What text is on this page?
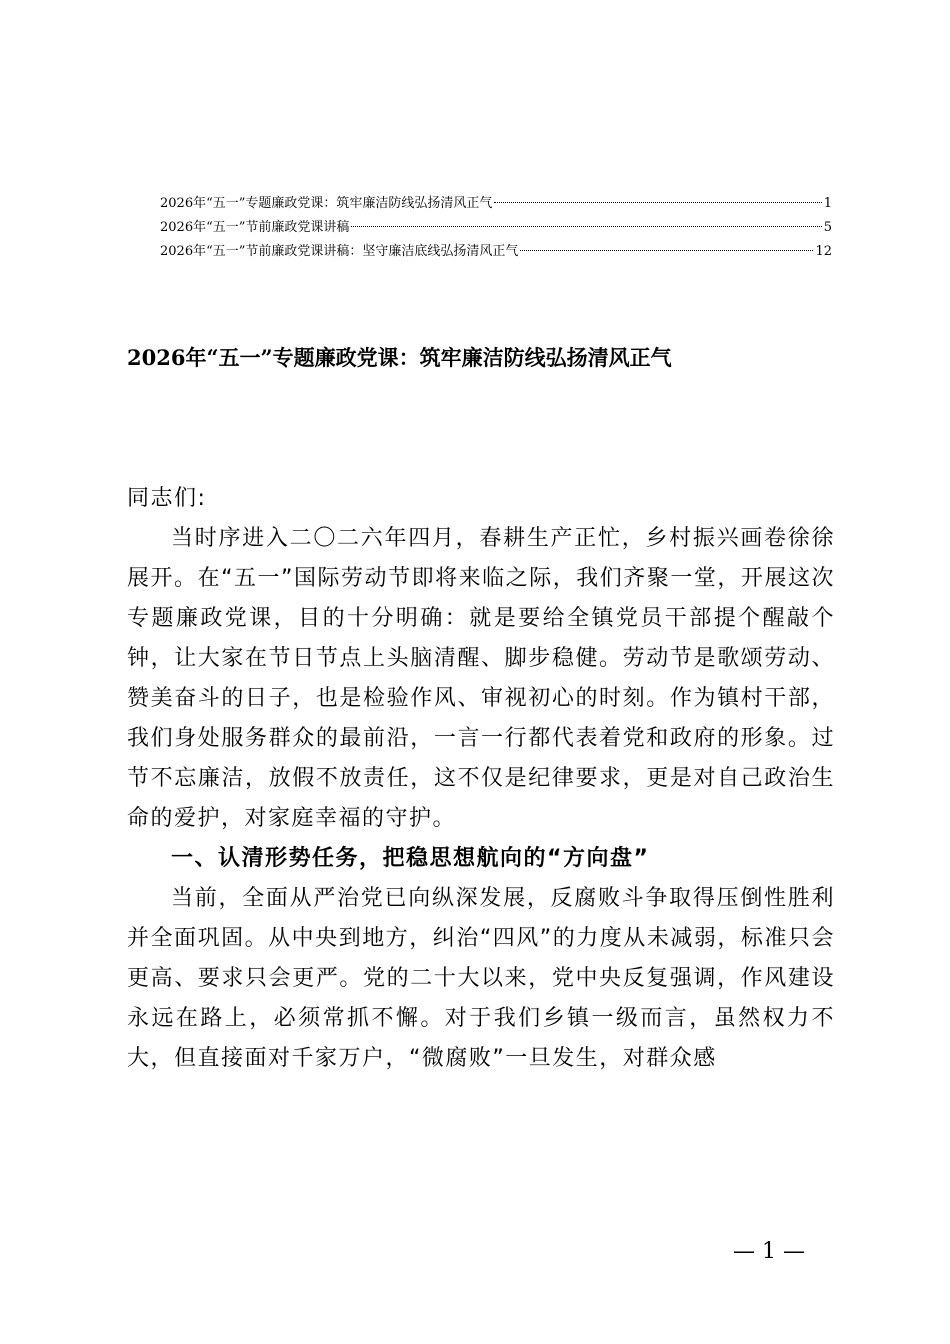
2026年“五一”专题廉政党课：筑牢廉洁防线弘扬清风正气	1
2026年“五一”节前廉政党课讲稿	5
2026年“五一”节前廉政党课讲稿：坚守廉洁底线弘扬清风正气	12
2026年“五一”专题廉政党课：筑牢廉洁防线弘扬清风正气

同志们:

当时序进入二〇二六年四月，春耕生产正忙，乡村振兴画卷徐徐展开。在“五一”国际劳动节即将来临之际，我们齐聚一堂，开展这次专题廉政党课，目的十分明确：就是要给全镇党员干部提个醒敲个钟，让大家在节日节点上头脑清醒、脚步稳健。劳动节是歌颂劳动、赞美奋斗的日子，也是检验作风、审视初心的时刻。作为镇村干部，我们身处服务群众的最前沿，一言一行都代表着党和政府的形象。过节不忘廉洁，放假不放责任，这不仅是纪律要求，更是对自己政治生命的爱护，对家庭幸福的守护。

一、认清形势任务，把稳思想航向的“方向盘”

当前，全面从严治党已向纵深发展，反腐败斗争取得压倒性胜利并全面巩固。从中央到地方，纠治“四风”的力度从未减弱，标准只会更高、要求只会更严。党的二十大以来，党中央反复强调，作风建设永远在路上，必须常抓不懈。对于我们乡镇一级而言，虽然权力不大，但直接面对千家万户，“微腐败”一旦发生，对群众感

— 1 —
